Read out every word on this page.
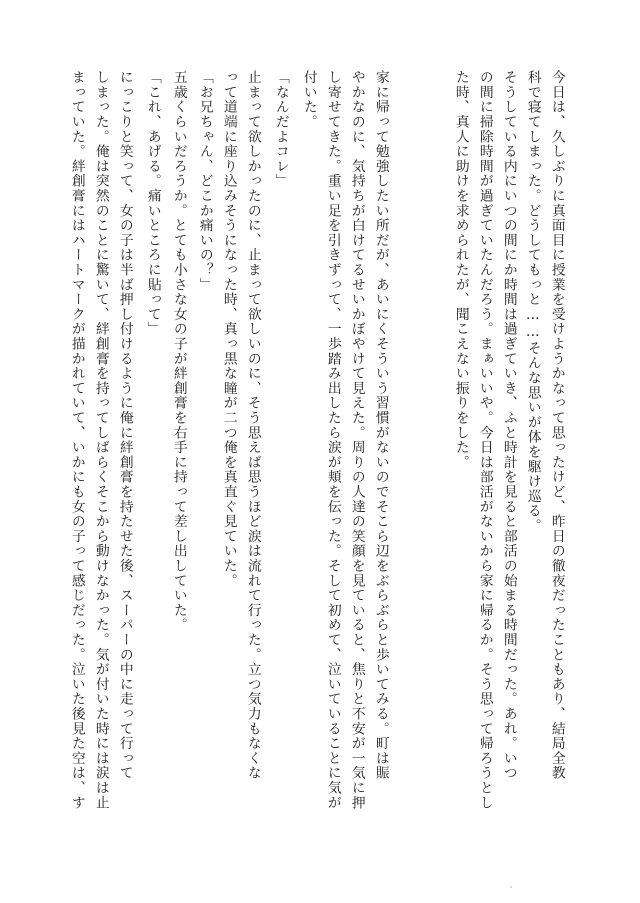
今日は、久しぶりに真面目に授業を受けようかなって思ったけど、昨日の徹夜だったこともあり、結局全教
科で寝てしまった。どうしてもっと……そんな思いが体を駆け巡る。
そうしている内にいつの間にか時間は過ぎていき、ふと時計を見ると部活の始まる時間だった。あれ。いつ
の間に掃除時間が過ぎていたんだろう。まぁいいや。今日は部活がないから家に帰るか。そう思って帰ろうとし
た時、真人に助けを求められたが、聞こえない振りをした。
家に帰って勉強したい所だが、あいにくそういう習慣がないのでそこら辺をぶらぶらと歩いてみる。町は賑
やかなのに、気持ちが白けてるせいかぼやけて見えた。周りの人達の笑顔を見ていると、焦りと不安が一気に押
し寄せてきた。重い足を引きずって、一歩踏み出したら涙が頬を伝った。そして初めて、泣いていることに気が
付いた。
「なんだよコレ」
止まって欲しかったのに、止まって欲しいのに、そう思えば思うほど涙は流れて行った。立つ気力もなくな
って道端に座り込みそうになった時、真っ黒な瞳が二つ俺を真直ぐ見ていた。
「お兄ちゃん、どこか痛いの？」
五歳くらいだろうか。とても小さな女の子が絆創膏を右手に持って差し出していた。
「これ、あげる。痛いところに貼って」
にっこりと笑って、女の子は半ば押し付けるように俺に絆創膏を持たせた後、スーパーの中に走って行って
しまった。俺は突然のことに驚いて、絆創膏を持ってしばらくそこから動けなかった。気が付いた時には涙は止
まっていた。絆創膏にはハートマークが描かれていて、いかにも女の子って感じだった。泣いた後見た空は、す
